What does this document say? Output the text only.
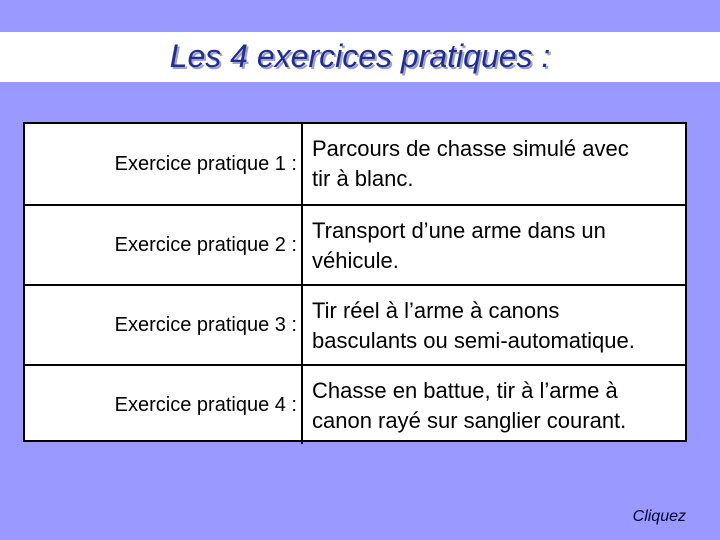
Les 4 exercices pratiques :
Exercice pratique 1 :
Parcours de chasse simulé avec
tir à blanc.
Exercice pratique 2 :
Transport d’une arme dans un
véhicule.
Exercice pratique 3 :
Tir réel à l’arme à canons
basculants ou semi-automatique.
Exercice pratique 4 :
Chasse en battue, tir à l’arme à
canon rayé sur sanglier courant.
Cliquez
